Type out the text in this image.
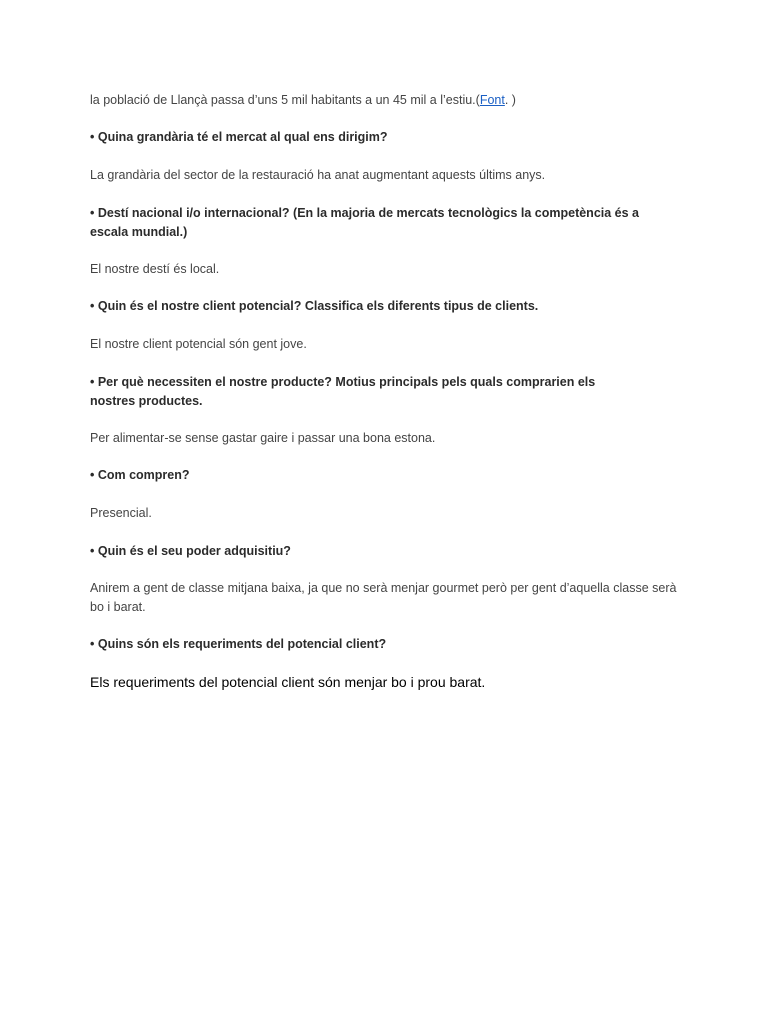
la població de Llançà passa d’uns 5 mil habitants a un 45 mil a l’estiu.(Font. )

• Quina grandària té el mercat al qual ens dirigim?

La grandària del sector de la restauració ha anat augmentant aquests últims anys.

• Destí nacional i/o internacional? (En la majoria de mercats tecnològics la competència és a escala mundial.)

El nostre destí és local.

• Quin és el nostre client potencial? Classifica els diferents tipus de clients.

El nostre client potencial són gent jove.

• Per què necessiten el nostre producte? Motius principals pels quals comprarien els
nostres productes.

Per alimentar-se sense gastar gaire i passar una bona estona.

• Com compren?

Presencial.

• Quin és el seu poder adquisitiu?

Anirem a gent de classe mitjana baixa, ja que no serà menjar gourmet però per gent d’aquella classe serà bo i barat.

• Quins són els requeriments del potencial client?

Els requeriments del potencial client són menjar bo i prou barat.
